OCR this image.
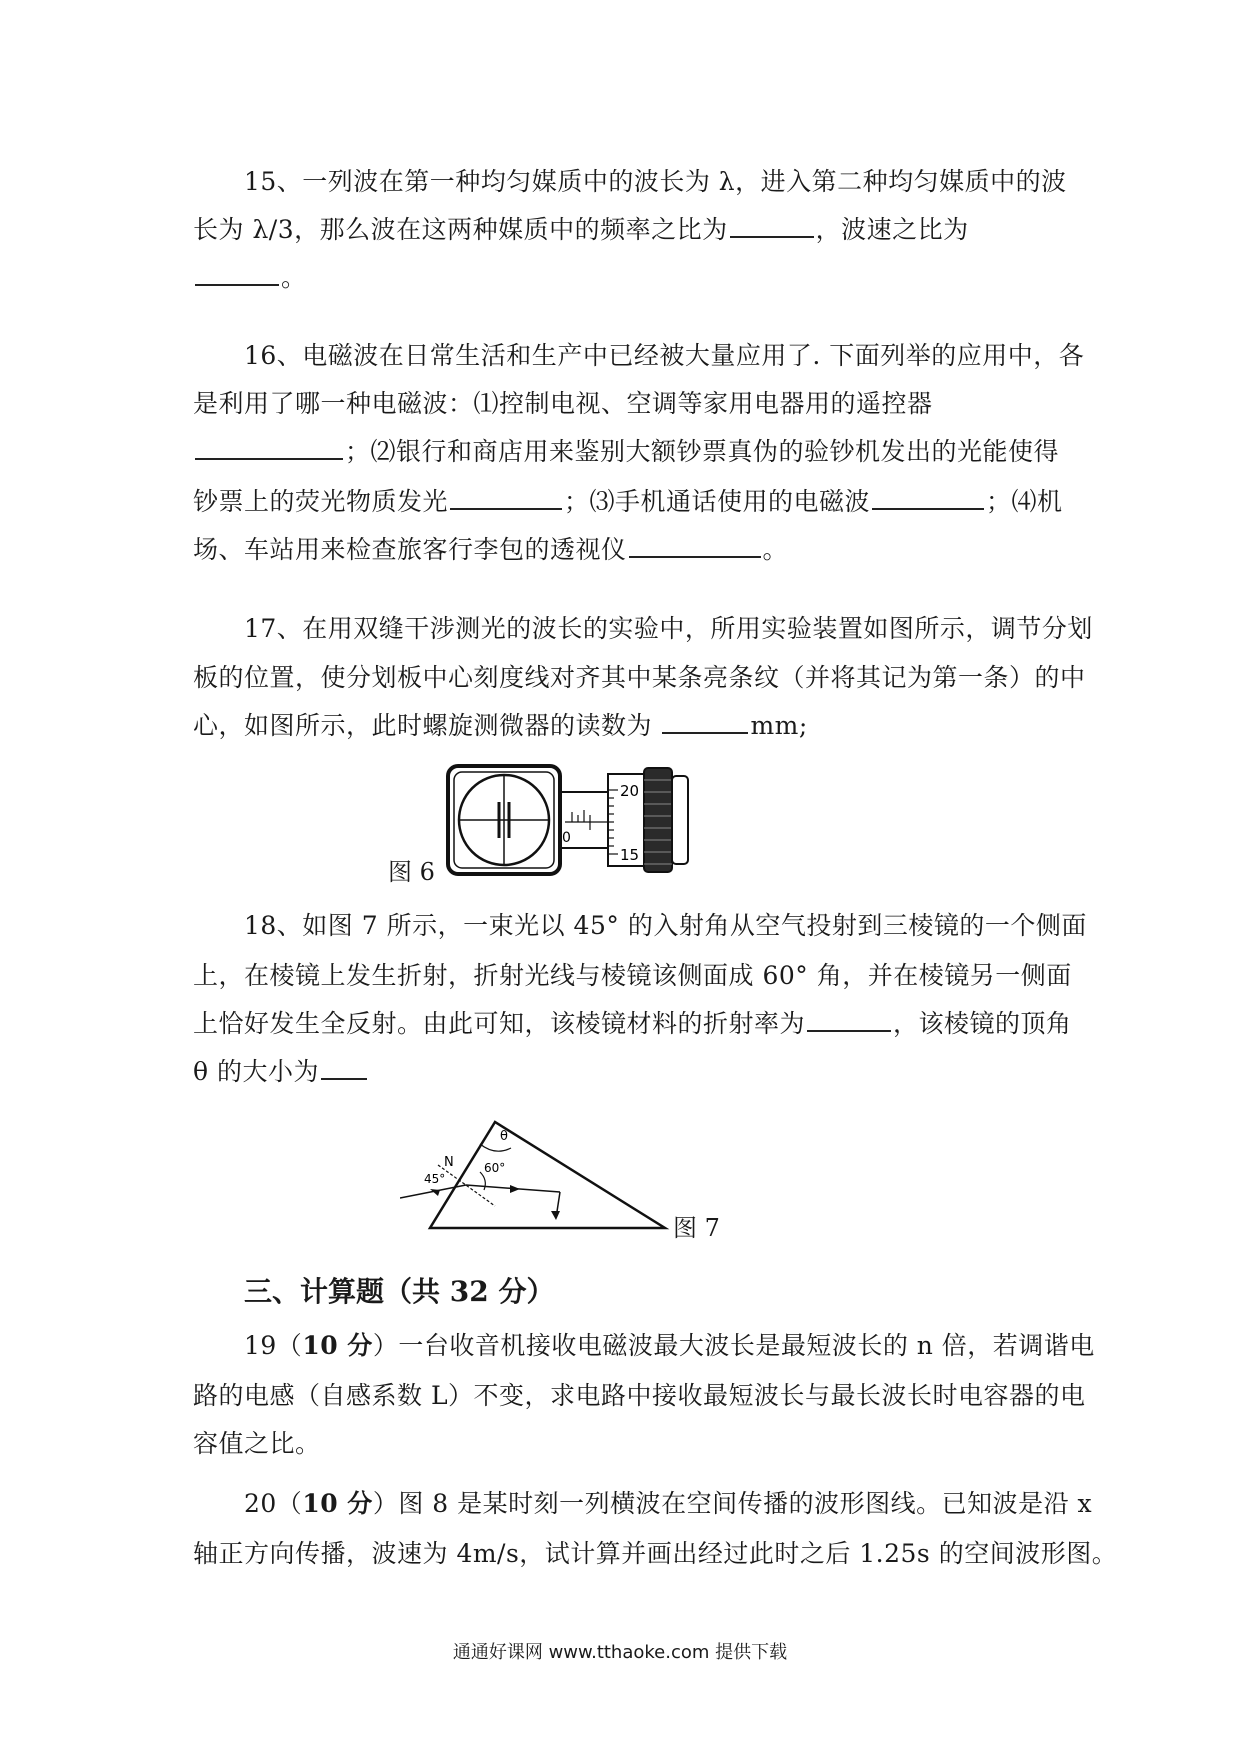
15、一列波在第一种均匀媒质中的波长为 λ，进入第二种均匀媒质中的波
长为 λ/3，那么波在这两种媒质中的频率之比为	，波速之比为
。
16、电磁波在日常生活和生产中已经被大量应用了. 下面列举的应用中，各
是利用了哪一种电磁波：⑴控制电视、空调等家用电器用的遥控器
；⑵银行和商店用来鉴别大额钞票真伪的验钞机发出的光能使得
钞票上的荧光物质发光	；⑶手机通话使用的电磁波	；⑷机
场、车站用来检查旅客行李包的透视仪	。
17、在用双缝干涉测光的波长的实验中，所用实验装置如图所示，调节分划
板的位置，使分划板中心刻度线对齐其中某条亮条纹（并将其记为第一条）的中
心，如图所示，此时螺旋测微器的读数为	mm;
0
20
15
图 6
18、如图 7 所示，一束光以 45° 的入射角从空气投射到三棱镜的一个侧面
上，在棱镜上发生折射，折射光线与棱镜该侧面成 60° 角，并在棱镜另一侧面
上恰好发生全反射。由此可知，该棱镜材料的折射率为	，该棱镜的顶角
θ 的大小为
θ
N
45°
60°
图 7
三、计算题（共 32 分）
19（10 分）一台收音机接收电磁波最大波长是最短波长的 n 倍，若调谐电
路的电感（自感系数 L）不变，求电路中接收最短波长与最长波长时电容器的电
容值之比。
20（10 分）图 8 是某时刻一列横波在空间传播的波形图线。已知波是沿 x
轴正方向传播，波速为 4m/s，试计算并画出经过此时之后 1.25s 的空间波形图。
通通好课网 www.tthaoke.com 提供下载
